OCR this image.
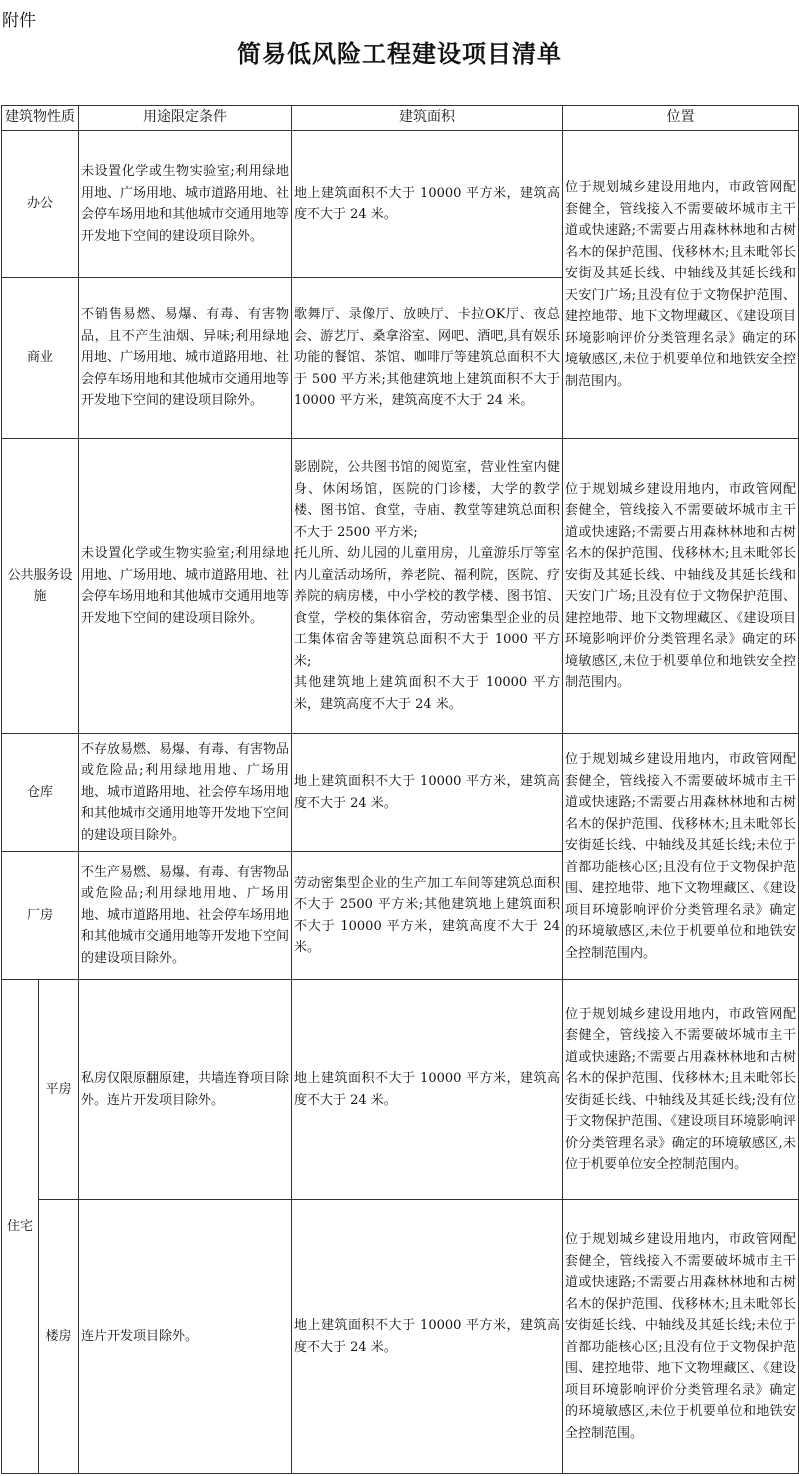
附件
简易低风险工程建设项目清单
建筑物性质		用途限定条件	建筑面积	位置
办公		未设置化学或生物实验室;利用绿地用地、广场用地、城市道路用地、社会停车场用地和其他城市交通用地等开发地下空间的建设项目除外。	地上建筑面积不大于 10000 平方米，建筑高度不大于 24 米。	位于规划城乡建设用地内，市政管网配套健全，管线接入不需要破坏城市主干道或快速路;不需要占用森林林地和古树名木的保护范围、伐移林木;且未毗邻长安街及其延长线、中轴线及其延长线和天安门广场;且没有位于文物保护范围、建控地带、地下文物埋藏区、《建设项目环境影响评价分类管理名录》确定的环境敏感区,未位于机要单位和地铁安全控制范围内。
商业		不销售易燃、易爆、有毒、有害物品，且不产生油烟、异味;利用绿地用地、广场用地、城市道路用地、社会停车场用地和其他城市交通用地等开发地下空间的建设项目除外。	歌舞厅、录像厅、放映厅、卡拉OK厅、夜总会、游艺厅、桑拿浴室、网吧、酒吧,具有娱乐功能的餐馆、茶馆、咖啡厅等建筑总面积不大于 500 平方米;其他建筑地上建筑面积不大于 10000 平方米，建筑高度不大于 24 米。	
公共服务设施		未设置化学或生物实验室;利用绿地用地、广场用地、城市道路用地、社会停车场用地和其他城市交通用地等开发地下空间的建设项目除外。	影剧院，公共图书馆的阅览室，营业性室内健身、休闲场馆，医院的门诊楼，大学的教学楼、图书馆、食堂，寺庙、教堂等建筑总面积不大于 2500 平方米;
托儿所、幼儿园的儿童用房，儿童游乐厅等室内儿童活动场所，养老院、福利院，医院、疗养院的病房楼，中小学校的教学楼、图书馆、食堂，学校的集体宿舍，劳动密集型企业的员工集体宿舍等建筑总面积不大于 1000 平方米;
其他建筑地上建筑面积不大于 10000 平方米，建筑高度不大于 24 米。	位于规划城乡建设用地内，市政管网配套健全，管线接入不需要破坏城市主干道或快速路;不需要占用森林林地和古树名木的保护范围、伐移林木;且未毗邻长安街及其延长线、中轴线及其延长线和天安门广场;且没有位于文物保护范围、建控地带、地下文物埋藏区、《建设项目环境影响评价分类管理名录》确定的环境敏感区,未位于机要单位和地铁安全控制范围内。
仓库		不存放易燃、易爆、有毒、有害物品或危险品;利用绿地用地、广场用地、城市道路用地、社会停车场用地和其他城市交通用地等开发地下空间的建设项目除外。	地上建筑面积不大于 10000 平方米，建筑高度不大于 24 米。	位于规划城乡建设用地内，市政管网配套健全，管线接入不需要破坏城市主干道或快速路;不需要占用森林林地和古树名木的保护范围、伐移林木;且未毗邻长安街延长线、中轴线及其延长线;未位于首都功能核心区;且没有位于文物保护范围、建控地带、地下文物埋藏区、《建设项目环境影响评价分类管理名录》确定的环境敏感区,未位于机要单位和地铁安全控制范围内。
厂房		不生产易燃、易爆、有毒、有害物品或危险品;利用绿地用地、广场用地、城市道路用地、社会停车场用地和其他城市交通用地等开发地下空间的建设项目除外。	劳动密集型企业的生产加工车间等建筑总面积不大于 2500 平方米;其他建筑地上建筑面积不大于 10000 平方米，建筑高度不大于 24 米。	
住宅	平房	私房仅限原翻原建，共墙连脊项目除外。连片开发项目除外。	地上建筑面积不大于 10000 平方米，建筑高度不大于 24 米。	位于规划城乡建设用地内，市政管网配套健全，管线接入不需要破坏城市主干道或快速路;不需要占用森林林地和古树名木的保护范围、伐移林木;且未毗邻长安街延长线、中轴线及其延长线;没有位于文物保护范围、《建设项目环境影响评价分类管理名录》确定的环境敏感区,未位于机要单位安全控制范围内。
	楼房	连片开发项目除外。	地上建筑面积不大于 10000 平方米，建筑高度不大于 24 米。	位于规划城乡建设用地内，市政管网配套健全，管线接入不需要破坏城市主干道或快速路;不需要占用森林林地和古树名木的保护范围、伐移林木;且未毗邻长安街延长线、中轴线及其延长线;未位于首都功能核心区;且没有位于文物保护范围、建控地带、地下文物埋藏区、《建设项目环境影响评价分类管理名录》确定的环境敏感区,未位于机要单位和地铁安全控制范围。
